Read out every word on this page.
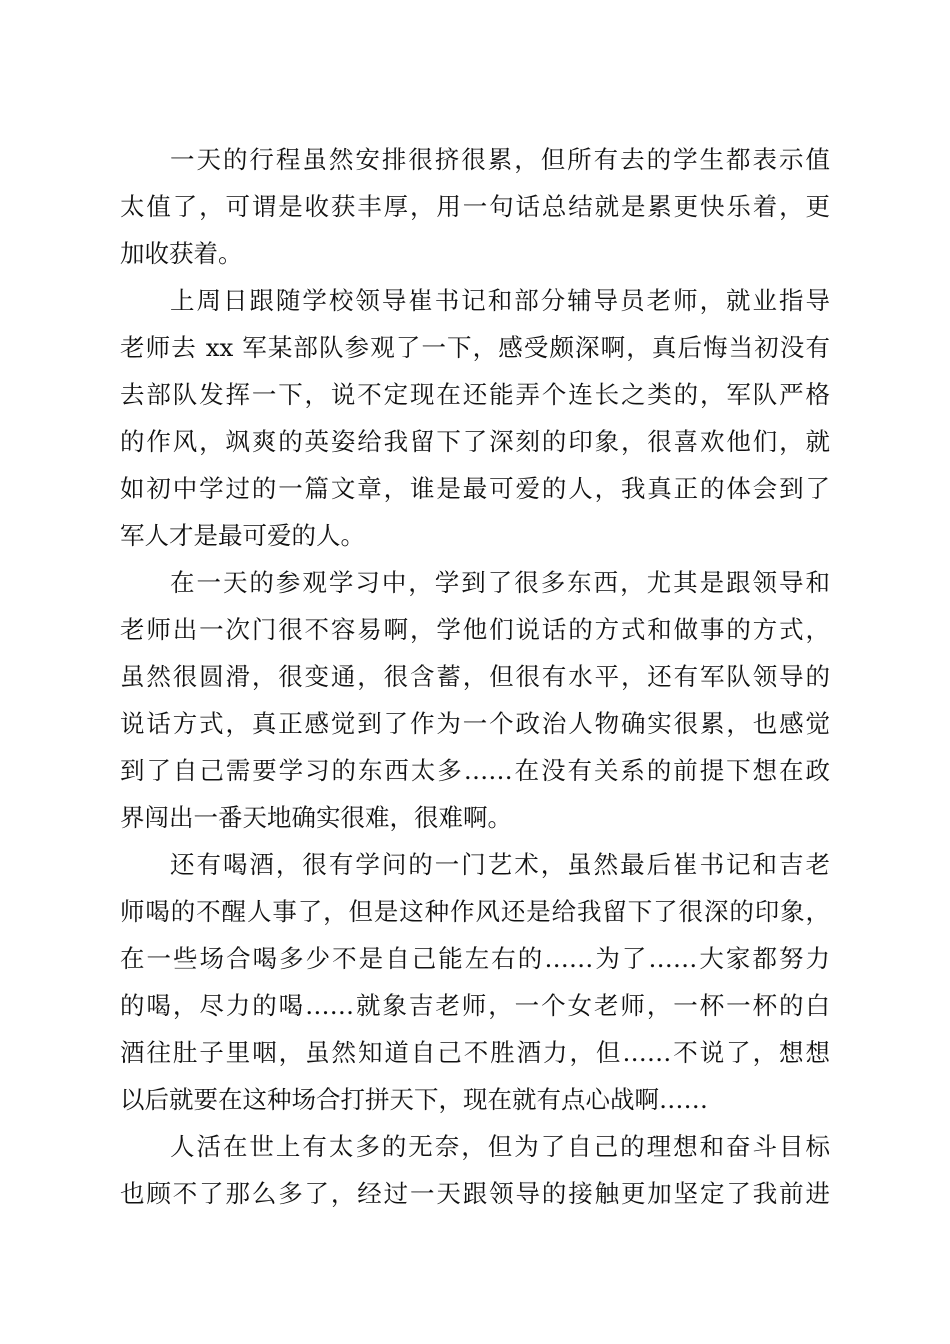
一天的行程虽然安排很挤很累，但所有去的学生都表示值
太值了，可谓是收获丰厚，用一句话总结就是累更快乐着，更
加收获着。
上周日跟随学校领导崔书记和部分辅导员老师，就业指导
老师去 xx 军某部队参观了一下，感受颇深啊，真后悔当初没有
去部队发挥一下，说不定现在还能弄个连长之类的，军队严格
的作风，飒爽的英姿给我留下了深刻的印象，很喜欢他们，就
如初中学过的一篇文章，谁是最可爱的人，我真正的体会到了
军人才是最可爱的人。
在一天的参观学习中，学到了很多东西，尤其是跟领导和
老师出一次门很不容易啊，学他们说话的方式和做事的方式，
虽然很圆滑，很变通，很含蓄，但很有水平，还有军队领导的
说话方式，真正感觉到了作为一个政治人物确实很累，也感觉
到了自己需要学习的东西太多……在没有关系的前提下想在政
界闯出一番天地确实很难，很难啊。
还有喝酒，很有学问的一门艺术，虽然最后崔书记和吉老
师喝的不醒人事了，但是这种作风还是给我留下了很深的印象，
在一些场合喝多少不是自己能左右的……为了……大家都努力
的喝，尽力的喝……就象吉老师，一个女老师，一杯一杯的白
酒往肚子里咽，虽然知道自己不胜酒力，但……不说了，想想
以后就要在这种场合打拼天下，现在就有点心战啊……
人活在世上有太多的无奈，但为了自己的理想和奋斗目标
也顾不了那么多了，经过一天跟领导的接触更加坚定了我前进
